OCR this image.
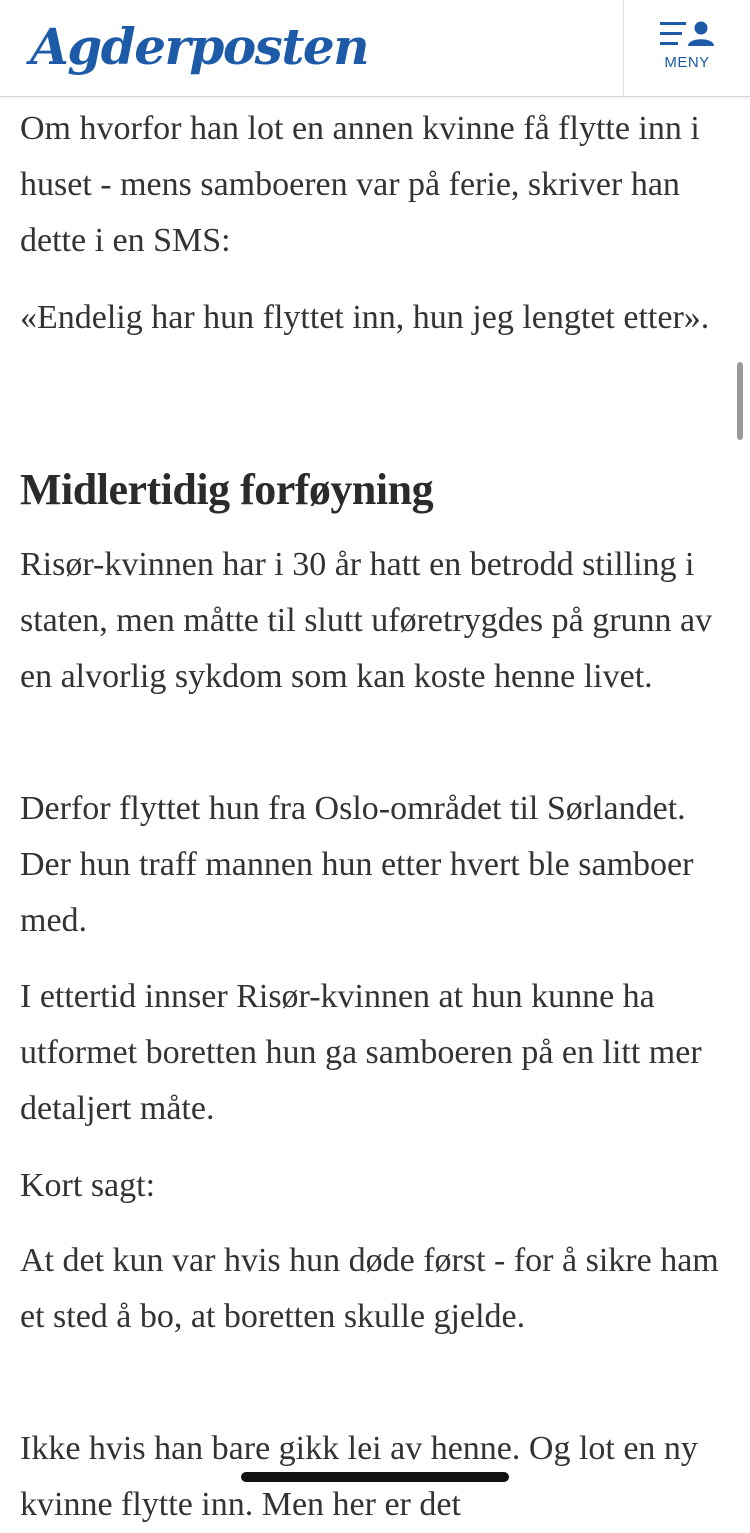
Agderposten	MENY

Om hvorfor han lot en annen kvinne få flytte inn i huset - mens samboeren var på ferie, skriver han dette i en SMS:

«Endelig har hun flyttet inn, hun jeg lengtet etter».

Midlertidig forføyning

Risør-kvinnen har i 30 år hatt en betrodd stilling i staten, men måtte til slutt uføretrygdes på grunn av en alvorlig sykdom som kan koste henne livet.

Derfor flyttet hun fra Oslo-området til Sørlandet. Der hun traff mannen hun etter hvert ble samboer med.

I ettertid innser Risør-kvinnen at hun kunne ha utformet boretten hun ga samboeren på en litt mer detaljert måte.

Kort sagt:

At det kun var hvis hun døde først - for å sikre ham et sted å bo, at boretten skulle gjelde.

Ikke hvis han bare gikk lei av henne. Og lot en ny kvinne flytte inn. Men her er det
